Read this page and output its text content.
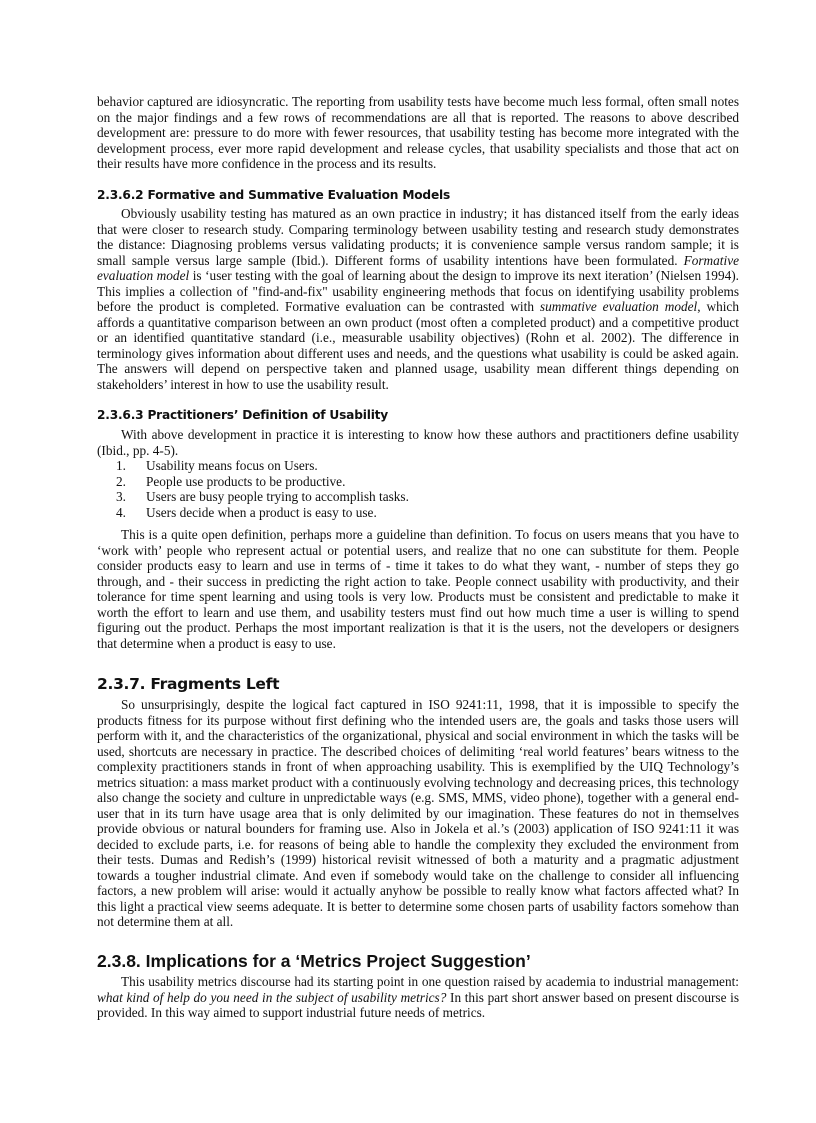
behavior captured are idiosyncratic. The reporting from usability tests have become much less formal, often small notes on the major findings and a few rows of recommendations are all that is reported. The reasons to above described development are: pressure to do more with fewer resources, that usability testing has become more integrated with the development process, ever more rapid development and release cycles, that usability specialists and those that act on their results have more confidence in the process and its results.

2.3.6.2 Formative and Summative Evaluation Models

Obviously usability testing has matured as an own practice in industry; it has distanced itself from the early ideas that were closer to research study. Comparing terminology between usability testing and research study demonstrates the distance: Diagnosing problems versus validating products; it is convenience sample versus random sample; it is small sample versus large sample (Ibid.). Different forms of usability intentions have been formulated. Formative evaluation model is ‘user testing with the goal of learning about the design to improve its next iteration’ (Nielsen 1994). This implies a collection of "find-and-fix" usability engineering methods that focus on identifying usability problems before the product is completed. Formative evaluation can be contrasted with summative evaluation model, which affords a quantitative comparison between an own product (most often a completed product) and a competitive product or an identified quantitative standard (i.e., measurable usability objectives) (Rohn et al. 2002). The difference in terminology gives information about different uses and needs, and the questions what usability is could be asked again. The answers will depend on perspective taken and planned usage, usability mean different things depending on stakeholders’ interest in how to use the usability result.

2.3.6.3 Practitioners’ Definition of Usability

With above development in practice it is interesting to know how these authors and practitioners define usability (Ibid., pp. 4-5).

1. Usability means focus on Users.
2. People use products to be productive.
3. Users are busy people trying to accomplish tasks.
4. Users decide when a product is easy to use.

This is a quite open definition, perhaps more a guideline than definition. To focus on users means that you have to ‘work with’ people who represent actual or potential users, and realize that no one can substitute for them. People consider products easy to learn and use in terms of - time it takes to do what they want, - number of steps they go through, and - their success in predicting the right action to take. People connect usability with productivity, and their tolerance for time spent learning and using tools is very low. Products must be consistent and predictable to make it worth the effort to learn and use them, and usability testers must find out how much time a user is willing to spend figuring out the product. Perhaps the most important realization is that it is the users, not the developers or designers that determine when a product is easy to use.

2.3.7. Fragments Left

So unsurprisingly, despite the logical fact captured in ISO 9241:11, 1998, that it is impossible to specify the products fitness for its purpose without first defining who the intended users are, the goals and tasks those users will perform with it, and the characteristics of the organizational, physical and social environment in which the tasks will be used, shortcuts are necessary in practice. The described choices of delimiting ‘real world features’ bears witness to the complexity practitioners stands in front of when approaching usability. This is exemplified by the UIQ Technology’s metrics situation: a mass market product with a continuously evolving technology and decreasing prices, this technology also change the society and culture in unpredictable ways (e.g. SMS, MMS, video phone), together with a general end-user that in its turn have usage area that is only delimited by our imagination. These features do not in themselves provide obvious or natural bounders for framing use. Also in Jokela et al.’s (2003) application of ISO 9241:11 it was decided to exclude parts, i.e. for reasons of being able to handle the complexity they excluded the environment from their tests. Dumas and Redish’s (1999) historical revisit witnessed of both a maturity and a pragmatic adjustment towards a tougher industrial climate. And even if somebody would take on the challenge to consider all influencing factors, a new problem will arise: would it actually anyhow be possible to really know what factors affected what? In this light a practical view seems adequate. It is better to determine some chosen parts of usability factors somehow than not determine them at all.

2.3.8. Implications for a ‘Metrics Project Suggestion’

This usability metrics discourse had its starting point in one question raised by academia to industrial management: what kind of help do you need in the subject of usability metrics? In this part short answer based on present discourse is provided. In this way aimed to support industrial future needs of metrics.
